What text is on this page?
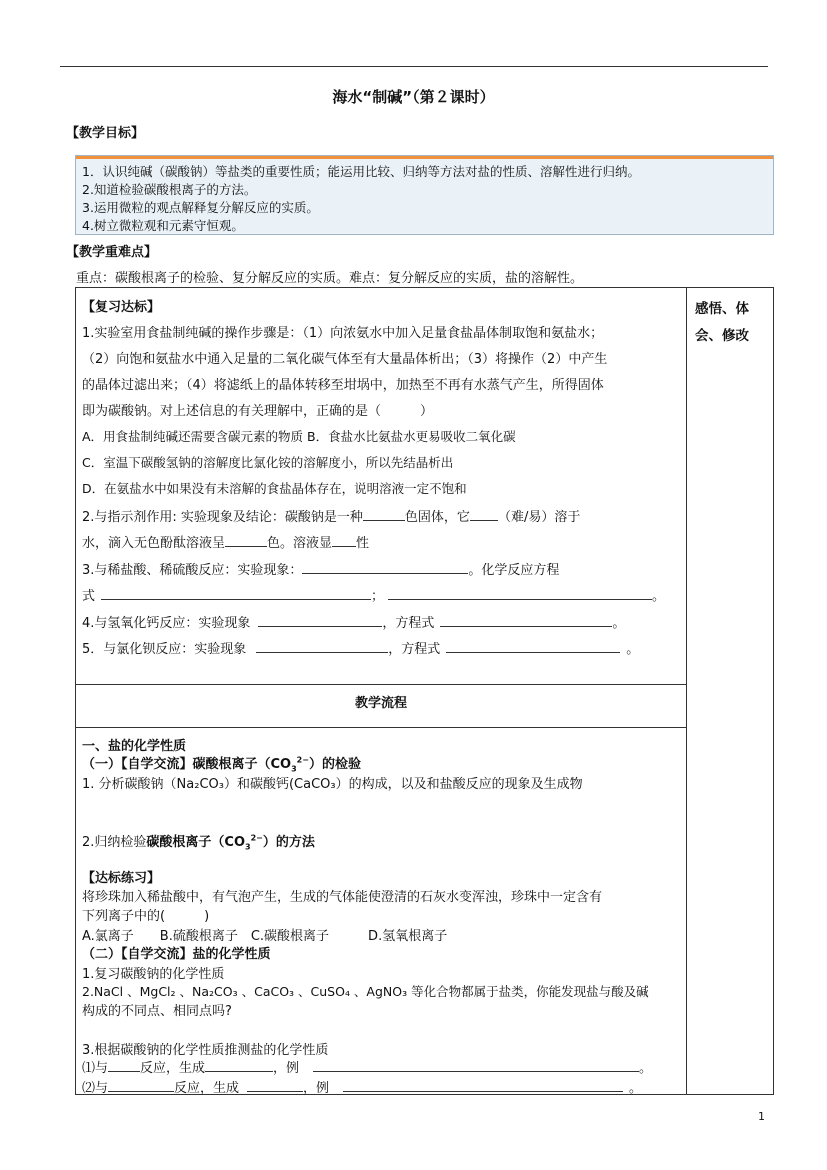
海水“制碱”（第２课时）
【教学目标】
1．认识纯碱（碳酸钠）等盐类的重要性质；能运用比较、归纳等方法对盐的性质、溶解性进行归纳。
2.知道检验碳酸根离子的方法。
3.运用微粒的观点解释复分解反应的实质。
4.树立微粒观和元素守恒观。
【教学重难点】
重点：碳酸根离子的检验、复分解反应的实质。难点：复分解反应的实质，盐的溶解性。
感悟、体
会、修改
【复习达标】
1.实验室用食盐制纯碱的操作步骤是：（1）向浓氨水中加入足量食盐晶体制取饱和氨盐水；
（2）向饱和氨盐水中通入足量的二氧化碳气体至有大量晶体析出；（3）将操作（2）中产生
的晶体过滤出来；（4）将滤纸上的晶体转移至坩埚中，加热至不再有水蒸气产生，所得固体
即为碳酸钠。对上述信息的有关理解中，正确的是（　　　）
A．用食盐制纯碱还需要含碳元素的物质 B．食盐水比氨盐水更易吸收二氧化碳
C．室温下碳酸氢钠的溶解度比氯化铵的溶解度小，所以先结晶析出
D．在氨盐水中如果没有未溶解的食盐晶体存在，说明溶液一定不饱和
2.与指示剂作用: 实验现象及结论：碳酸钠是一种	色固体，它 （难/易）溶于
水，滴入无色酚酞溶液呈	色。溶液显 性
3.与稀盐酸、稀硫酸反应：实验现象：	。化学反应方程
式	；	。
4.与氢氧化钙反应：实验现象	，方程式	。
5．与氯化钡反应：实验现象	，方程式	。
教学流程
一、盐的化学性质
（一）【自学交流】碳酸根离子$(CO_3^{2-})$的检验
1. 分析碳酸钠（Na₂CO₃）和碳酸钙(CaCO₃）的构成，以及和盐酸反应的现象及生成物
2.归纳检验碳酸根离子$(CO_3^{2-})$的方法
【达标练习】
将珍珠加入稀盐酸中，有气泡产生，生成的气体能使澄清的石灰水变浑浊，珍珠中一定含有
下列离子中的(　　　)
A.氯离子　　B.硫酸根离子　C.碳酸根离子　　　D.氢氧根离子
（二）【自学交流】盐的化学性质
1.复习碳酸钠的化学性质
2.NaCl 、MgCl₂ 、Na₂CO₃ 、CaCO₃ 、CuSO₄ 、AgNO₃ 等化合物都属于盐类，你能发现盐与酸及碱
构成的不同点、相同点吗?
3.根据碳酸钠的化学性质推测盐的化学性质
⑴与 反应，生成	，例	。
⑵与	反应，生成	，例	。
1
